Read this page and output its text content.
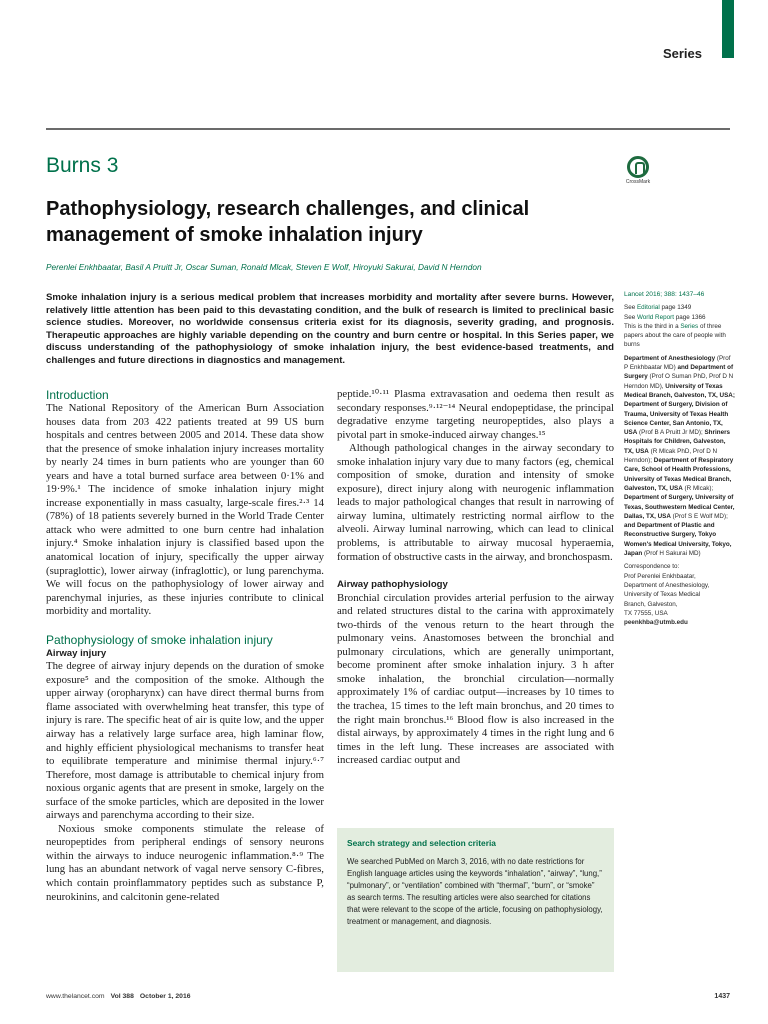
Series
Burns 3
CrossMark
Pathophysiology, research challenges, and clinical management of smoke inhalation injury
Perenlei Enkhbaatar, Basil A Pruitt Jr, Oscar Suman, Ronald Mlcak, Steven E Wolf, Hiroyuki Sakurai, David N Herndon
Smoke inhalation injury is a serious medical problem that increases morbidity and mortality after severe burns. However, relatively little attention has been paid to this devastating condition, and the bulk of research is limited to preclinical basic science studies. Moreover, no worldwide consensus criteria exist for its diagnosis, severity grading, and prognosis. Therapeutic approaches are highly variable depending on the country and burn centre or hospital. In this Series paper, we discuss understanding of the pathophysiology of smoke inhalation injury, the best evidence-based treatments, and challenges and future directions in diagnostics and management.
Introduction

The National Repository of the American Burn Association houses data from 203 422 patients treated at 99 US burn hospitals and centres between 2005 and 2014. These data show that the presence of smoke inhalation injury increases mortality by nearly 24 times in burn patients who are younger than 60 years and have a total burned surface area between 0·1% and 19·9%.¹ The incidence of smoke inhalation injury might increase exponentially in mass casualty, large-scale fires.²·³ 14 (78%) of 18 patients severely burned in the World Trade Center attack who were admitted to one burn centre had inhalation injury.⁴ Smoke inhalation injury is classified based upon the anatomical location of injury, specifically the upper airway (supraglottic), lower airway (infraglottic), or lung parenchyma. We will focus on the pathophysiology of lower airway and parenchymal injuries, as these injuries contribute to clinical morbidity and mortality.

Pathophysiology of smoke inhalation injury
Airway injury

The degree of airway injury depends on the duration of smoke exposure⁵ and the composition of the smoke. Although the upper airway (oropharynx) can have direct thermal burns from flame associated with overwhelming heat transfer, this type of injury is rare. The specific heat of air is quite low, and the upper airway has a relatively large surface area, high laminar flow, and highly efficient physiological mechanisms to transfer heat to equilibrate temperature and minimise thermal injury.⁶·⁷ Therefore, most damage is attributable to chemical injury from noxious organic agents that are present in smoke, largely on the surface of the smoke particles, which are deposited in the lower airways and parenchyma according to their size.

Noxious smoke components stimulate the release of neuropeptides from peripheral endings of sensory neurons within the airways to induce neurogenic inflammation.⁸·⁹ The lung has an abundant network of vagal nerve sensory C-fibres, which contain proinflammatory peptides such as substance P, neurokinins, and calcitonin gene-related

peptide.¹⁰·¹¹ Plasma extravasation and oedema then result as secondary responses.⁹·¹²⁻¹⁴ Neural endopeptidase, the principal degradative enzyme targeting neuropeptides, also plays a pivotal part in smoke-induced airway changes.¹⁵

Although pathological changes in the airway secondary to smoke inhalation injury vary due to many factors (eg, chemical composition of smoke, duration and intensity of smoke exposure), direct injury along with neurogenic inflammation leads to major pathological changes that result in narrowing of airway lumina, ultimately restricting normal airflow to the alveoli. Airway luminal narrowing, which can lead to clinical problems, is attributable to airway mucosal hyperaemia, formation of obstructive casts in the airway, and bronchospasm.

Airway pathophysiology

Bronchial circulation provides arterial perfusion to the airway and related structures distal to the carina with approximately two-thirds of the venous return to the heart through the pulmonary veins. Anastomoses between the bronchial and pulmonary circulations, which are generally unimportant, become prominent after smoke inhalation injury. 3 h after smoke inhalation, the bronchial circulation—normally approximately 1% of cardiac output—increases by 10 times to the trachea, 15 times to the left main bronchus, and 20 times to the right main bronchus.¹⁶ Blood flow is also increased in the distal airways, by approximately 4 times in the right lung and 6 times in the left lung. These increases are associated with increased cardiac output and

Lancet 2016; 388: 1437–46
See Editorial page 1349
See World Report page 1366
This is the third in a Series of three papers about the care of people with burns
Department of Anesthesiology (Prof P Enkhbaatar MD) and Department of Surgery (Prof O Suman PhD, Prof D N Herndon MD), University of Texas Medical Branch, Galveston, TX, USA; Department of Surgery, Division of Trauma, University of Texas Health Science Center, San Antonio, TX, USA (Prof B A Pruitt Jr MD); Shriners Hospitals for Children, Galveston, TX, USA (R Mlcak PhD, Prof D N Herndon); Department of Respiratory Care, School of Health Professions, University of Texas Medical Branch, Galveston, TX, USA (R Mlcak); Department of Surgery, University of Texas, Southwestern Medical Center, Dallas, TX, USA (Prof S E Wolf MD); and Department of Plastic and Reconstructive Surgery, Tokyo Women's Medical University, Tokyo, Japan (Prof H Sakurai MD)
Correspondence to:
Prof Perenlei Enkhbaatar,
Department of Anesthesiology,
University of Texas Medical
Branch, Galveston,
TX 77555, USA
peenkhba@utmb.edu
Search strategy and selection criteria
We searched PubMed on March 3, 2016, with no date restrictions for English language articles using the keywords “inhalation”, “airway”, “lung,” “pulmonary”, or “ventilation” combined with “thermal”, “burn”, or “smoke” as search terms. The resulting articles were also searched for citations that were relevant to the scope of the article, focusing on pathophysiology, treatment or management, and diagnosis.
www.thelancet.com Vol 388 October 1, 2016	1437
